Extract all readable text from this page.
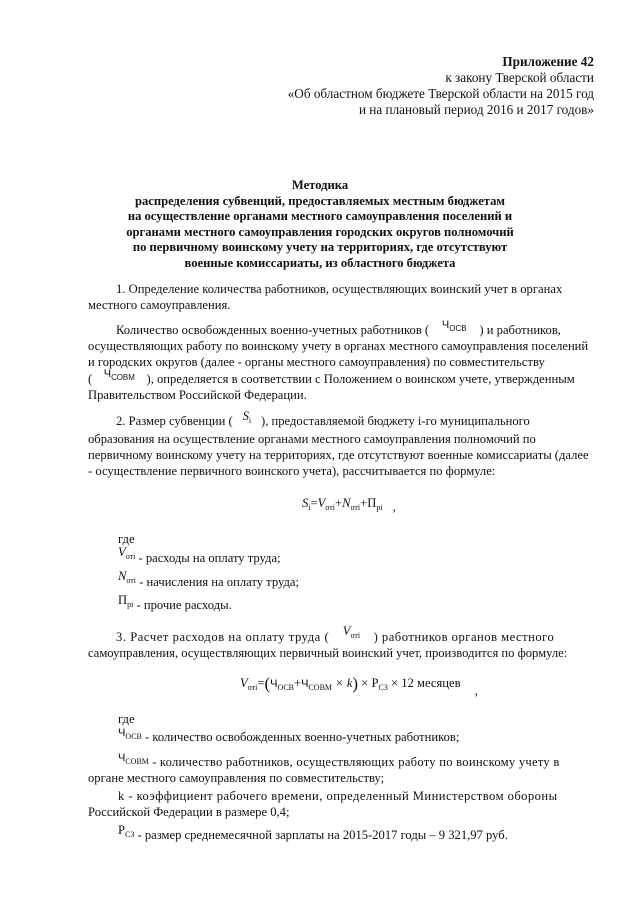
Приложение 42
к закону Тверской области
«Об областном бюджете Тверской области на 2015 год
и на плановый период 2016 и 2017 годов»
Методика
распределения субвенций, предоставляемых местным бюджетам
на осуществление органами местного самоуправления поселений и
органами местного самоуправления городских округов полномочий
по первичному воинскому учету на территориях, где отсутствуют
военные комиссариаты, из областного бюджета
1. Определение количества работников, осуществляющих воинский учет в органах
местного самоуправления.
Количество освобожденных военно-учетных работников ( $Ч_{ОСВ}$ ) и работников,
осуществляющих работу по воинскому учету в органах местного самоуправления поселений
и городских округов (далее - органы местного самоуправления) по совместительству
( $Ч_{СОВМ}$ ), определяется в соответствии с Положением о воинском учете, утвержденным
Правительством Российской Федерации.
2. Размер субвенции ( $S_i$ ), предоставляемой бюджету i-го муниципального
образования на осуществление органами местного самоуправления полномочий по
первичному воинскому учету на территориях, где отсутствуют военные комиссариаты (далее
- осуществление первичного воинского учета), рассчитывается по формуле:
$S_i=V_{отi}+N_{отi}+П_{рi}$ ,
где
$V^{отi}$ - расходы на оплату труда;
$N^{отi}$ - начисления на оплату труда;
$П_{рi}$ - прочие расходы.
3. Расчет расходов на оплату труда ( $V_{отi}$ ) работников органов местного
самоуправления, осуществляющих первичный воинский учет, производится по формуле:
$V_{отi}=(Ч_{ОСВ}+Ч_{СОВМ} \times k) \times Р_{СЗ} \times 12$ месяцев,
где
$Ч_{ОСВ}$ - количество освобожденных военно-учетных работников;
$Ч_{СОВМ}$ - количество работников, осуществляющих работу по воинскому учету в
органе местного самоуправления по совместительству;
k - коэффициент рабочего времени, определенный Министерством обороны
Российской Федерации в размере 0,4;
$Р_{СЗ}$ - размер среднемесячной зарплаты на 2015-2017 годы – 9 321,97 руб.
